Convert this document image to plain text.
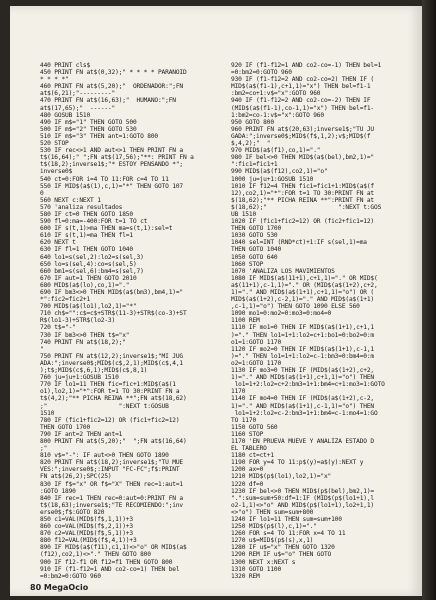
440 PRINT cls$
450 PRINT FN at$(0,32);" * * * * PARANOID
* * * *"
460 PRINT FN at$(5,20);"  ORDENADOR:";FN
at$(6,21);"---------"
470 PRINT FN at$(16,63);"  HUMANO:";FN
at$(17,65);"  ------"
480 GOSUB 1510
490 IF m$="1" THEN GOTO 500
500 IF m$="2" THEN GOTO 530
510 IF m$="3" THEN ant=1:GOTO 800
520 STOP
530 IF rec<>1 AND aut<>1 THEN PRINT FN a
t$(16,64);" ";FN at$(17,56);"**: PRINT FN a
t$(18,2);inverse1$;"* ESTOY PENSANDO *";
inverse0$
540 ct=0:FOR i=4 TO 11:FOR c=4 TO 11
550 IF MID$(a$(1),c,1)="*" THEN GOTO 107
0
560 NEXT c:NEXT 1
570 'analiza resultados
580 IF ct=0 THEN GOTO 1850
590 fl=0:ma=-400:FOR t=1 TO ct
600 IF s(t,1)>ma THEN ma=s(t,1):sel=t
610 IF s(t,1)=ma THEN fl=1
620 NEXT t
630 IF fl=1 THEN GOTO 1040
640 lo1=s(sel,2):lo2=s(sel,3)
650 lo=s(sel,4):co=s(sel,5)
660 bm1=s(sel,6):bm4=s(sel,7)
670 IF aut=1 THEN GOTO 2010
680 MID$(a$(lo),co,1)="."
690 IF bm3<>0 THEN MID$(a$(bm3),bm4,1)="
*":fic2=fic2+1
700 MID$(a$(lo1),lo2,1)="*"
710 ch$="":c$=c$+STR$(11-3)+STR$(co-3)+ST
R$(lo1-3)+STR$(lo2-3)
720 t$="-"
730 IF bm3<>0 THEN t$="x"
740 PRINT FN at$(18,2);"
"
750 PRINT FN at$(12,2);inverse1$;"MI JUG
ADA:";inverse0$;MID$(c$,2,1);MID$(c$,4,1
);t$;MID$(c$,6,1);MID$(c$,8,1)
760 ju=ju+1:GOSUB 1510
770 IF lo1=11 THEN fic=fic+1:MID$(a$(1
o1),lo2,1)="*":FOR t=1 TO 30:PRINT FN a
t$(4,2);"** PICHA REINA **";FN at$(18,62)
;"                    ":NEXT t:GOSUB
1510
780 IF (fic1+fic2=12) OR (fic1+fic2=12)
THEN GOTO 1700
790 IF ant=2 THEN ant=1
800 PRINT FN at$(5,20);"  ";FN at$(16,64)
;"
810 v$="-": IF aut<>0 THEN GOTO 1890
820 PRINT FN at$(18,2);inverse1$;"TU MUE
VES:";inverse0$;:INPUT "FC-FC";f$:PRINT
FN at$(26,2);SPC(25)
830 IF f$="x" OR f$="X" THEN rec=1:aut=1
:GOTO 1890
840 IF rec=1 THEN rec=0:aut=0:PRINT FN a
t$(18,63);inverse1$;"TE RECOMIENDO:";inv
erse0$;f$:GOTO 820
850 c1=VAL(MID$(f$,1,1))+3
860 co=VAL(MID$(f$,2,1))+3
870 c2=VAL(MID$(f$,5,1))+3
880 f12=VAL(MID$(f$,4,1))+3
890 IF MID$(a$(f11),c1,1)<>"o" OR MID$(a$
(f12),co2,1)<>"." THEN GOTO 800
900 IF f12-f1 OR f12=f1 THEN GOTO 800
910 IF (f1-f12=1 AND co2-co=1) THEN bel
=0:bm2=0:GOTO 960
920 IF (f1-f12=1 AND co2-co=-1) THEN bel=1
=0:bm2=0:GOTO 960
930 IF (f1-f12=2 AND co2-co=2) THEN IF (
MID$(a$(f1-1),c+1,1)="x") THEN bel=f1-1
:bm2=co+1:v$="x":GOTO 960
940 IF (f1-f12=2 AND co2-co=-2) THEN IF
(MID$(a$(f1-1),co-1,1)="x") THEN bel=f1-
1:bm2=co-1:v$="x":GOTO 960
950 GOTO 800
960 PRINT FN at$(20,63);inverse1$;"TU JU
GADA:";inverse0$;MID$(f$,1,2);v$;MID$(f
$,4,2);"  "
970 MID$(a$(f1),co,1)="."
980 IF bel<>0 THEN MID$(a$(bel),bm2,1)="
":fic1=fic1+1
990 MID$(a$(f12),co2,1)="o"
1000 ju=ju+1:GOSUB 1510
1010 IF f12=4 THEN fic1=fic1+1:MID$(a$(f
12),co2,1)="*":FOR t=1 TO 30:PRINT FN at
$(18,62);"** PICHA REINA **":PRINT FN at
$(18,62);"                    ":NEXT t:GOS
UB 1510
1020 IF (fic1+fic2=12) OR (fic2+fic1=12)
THEN GOTO 1700
1030 GOTO 530
1040 sel=INT (RND*ct)+1:IF s(sel,1)=ma
THEN GOTO 1040
1050 GOTO 640
1060 STOP
1070 'ANALIZA LOS MAVIMIENTOS
1080 IF MID$(a$(11+1),c+1,1)="." OR MID$(
a$(11+1),c-1,1)="." OR (MID$(a$(1+2),c+2,
1)="." AND MID$(a$(1+1),c+1,1)="o") OR (
MID$(a$(1+2),c-2,1)="." AND MID$(a$(1+1)
,c-1,1)="o") THEN GOTO 1090 ELSE 560
1090 mo1=0:mo2=0:mo3=0:mo4=0
1100 REM
1110 IF mo1=0 THEN IF MID$(a$(1+1),c+1,1
)="." THEN lo1=1+1:lo2=c+1:bo1=0:bo2=0:m
o1=1:GOTO 1170
1120 IF mo2=0 THEN IF MID$(a$(1+1),c-1,1
)="." THEN lo1=1+1:lo2=c-1:bm3=0:bm4=0:m
o2=1:GOTO 1170
1130 IF mo3=0 THEN IF (MID$(a$(1+2),c+2,
1)="." AND MID$(a$(1+1),c+1,1)="o") THEN
lo1=1+2:lo2=c+2:bm3=1+1:bm4=c+1:mo3=1:GOTO
1170
1140 IF mo4=0 THEN IF (MID$(a$(1+2),c-2,
1)="." AND MID$(a$(1+1),c-1,1)="o") THEN
lo1=1+2:lo2=c-2:bm3=1+1:bm4=c-1:mo4=1:GO
TO 1170
1150 GOTO 560
1160 STOP
1170 'EN PRUEVA MUEVE Y ANALIZA ESTADO D
EL TABLERO
1180 ct=ct+1
1190 FOR y=4 TO 11:p$(y)=a$(y):NEXT y
1200 ax=0
1210 MID$(p$(lo1),lo2,1)="x"
1220 df=0
1230 IF bel<>0 THEN MID$(p$(bel),bm2,1)=
".":sum=sum+50:df=1:IF (MID$(p$(lo1+1),l
o2-1,1)<>"o" AND MID$(p$(lo1+1),lo2+1,1)
<>"o") THEN sum=sum+800
1240 IF lo1=11 THEN sum=sum+100
1250 MID$(p$(l),c,1)="."
1260 FOR s=4 TO 11:FOR x=4 TO 11
1270 u$=MID$(p$(s),x,1)
1280 IF u$="x" THEN GOTO 1320
1290 REM IF u$="o" THEN GOTO
1300 NEXT x:NEXT s
1310 GOTO 1100
1320 REM
80 MegaOcio
